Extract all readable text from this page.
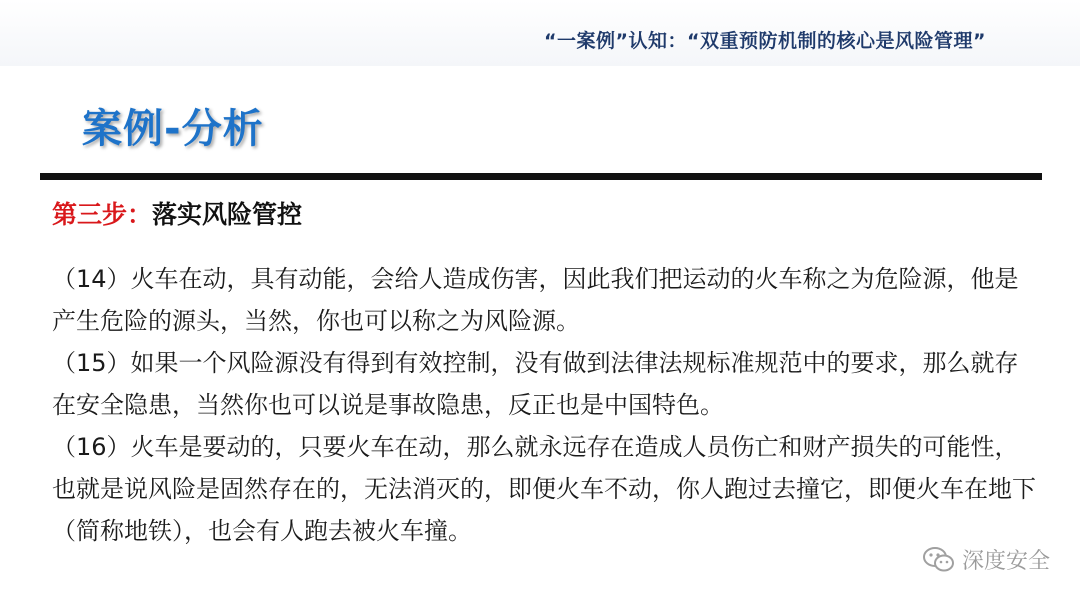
“一案例”认知：“双重预防机制的核心是风险管理”
案例-分析
第三步：落实风险管控

（14）火车在动，具有动能，会给人造成伤害，因此我们把运动的火车称之为危险源，他是产生危险的源头，当然，你也可以称之为风险源。

（15）如果一个风险源没有得到有效控制，没有做到法律法规标准规范中的要求，那么就存在安全隐患，当然你也可以说是事故隐患，反正也是中国特色。

（16）火车是要动的，只要火车在动，那么就永远存在造成人员伤亡和财产损失的可能性，也就是说风险是固然存在的，无法消灭的，即便火车不动，你人跑过去撞它，即便火车在地下（简称地铁），也会有人跑去被火车撞。

深度安全
